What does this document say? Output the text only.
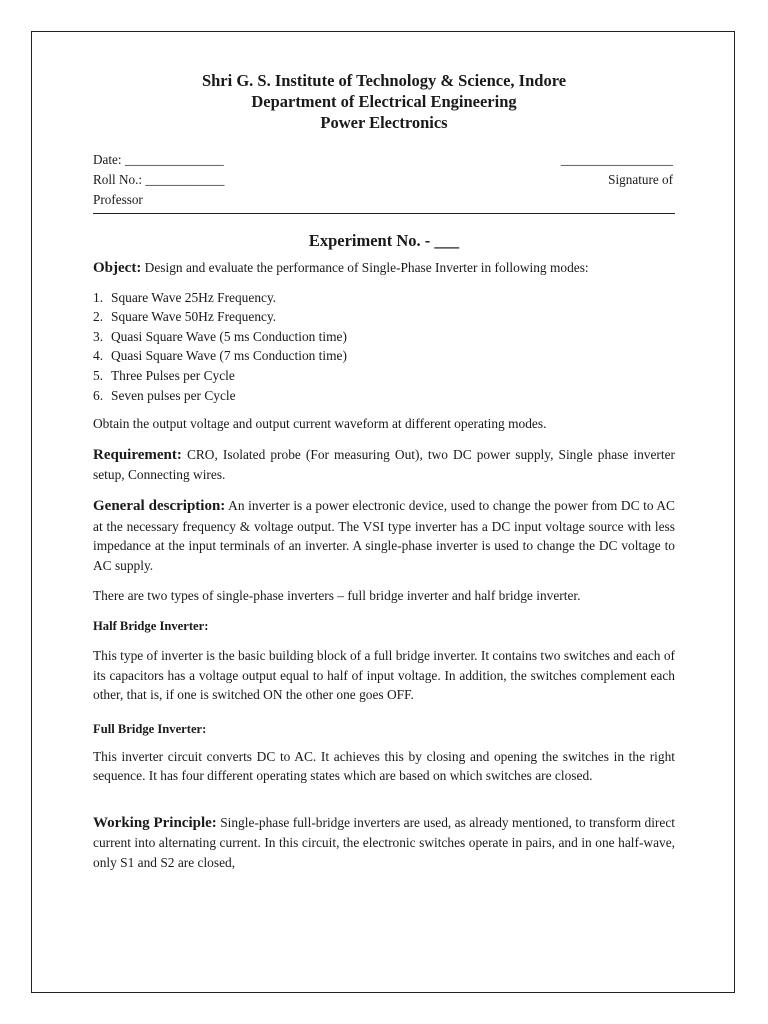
Shri G. S. Institute of Technology & Science, Indore
Department of Electrical Engineering
Power Electronics
Date: _______________
Roll No.: ____________
_________________
Signature of
Professor
Experiment No. - ___

Object: Design and evaluate the performance of Single-Phase Inverter in following modes:

1. Square Wave 25Hz Frequency.
2. Square Wave 50Hz Frequency.
3. Quasi Square Wave (5 ms Conduction time)
4. Quasi Square Wave (7 ms Conduction time)
5. Three Pulses per Cycle
6. Seven pulses per Cycle

Obtain the output voltage and output current waveform at different operating modes.

Requirement: CRO, Isolated probe (For measuring Out), two DC power supply, Single phase inverter setup, Connecting wires.

General description: An inverter is a power electronic device, used to change the power from DC to AC at the necessary frequency & voltage output. The VSI type inverter has a DC input voltage source with less impedance at the input terminals of an inverter. A single-phase inverter is used to change the DC voltage to AC supply.

There are two types of single-phase inverters – full bridge inverter and half bridge inverter.

Half Bridge Inverter:

This type of inverter is the basic building block of a full bridge inverter. It contains two switches and each of its capacitors has a voltage output equal to half of input voltage. In addition, the switches complement each other, that is, if one is switched ON the other one goes OFF.

Full Bridge Inverter:

This inverter circuit converts DC to AC. It achieves this by closing and opening the switches in the right sequence. It has four different operating states which are based on which switches are closed.

Working Principle: Single-phase full-bridge inverters are used, as already mentioned, to transform direct current into alternating current. In this circuit, the electronic switches operate in pairs, and in one half-wave, only S1 and S2 are closed,
